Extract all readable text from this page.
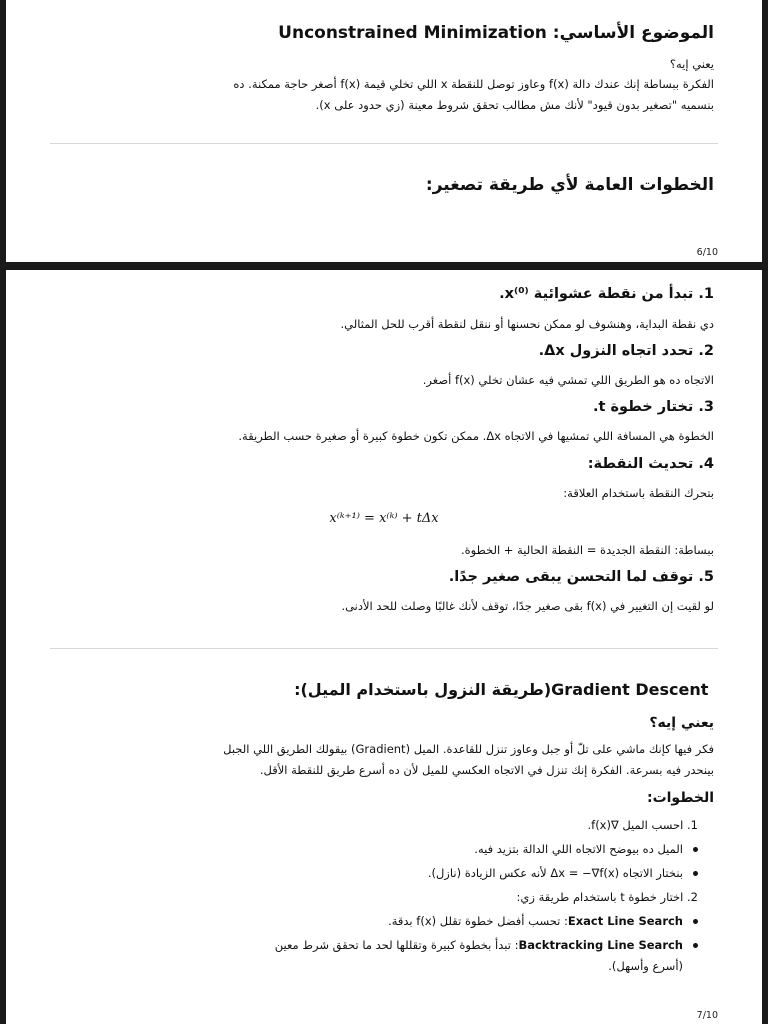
الموضوع الأساسي: Unconstrained Minimization
يعني إيه؟
الفكرة ببساطة إنك عندك دالة f(x) وعاوز توصل للنقطة x اللي تخلي قيمة f(x) أصغر حاجة ممكنة. ده
بنسميه "تصغير بدون قيود" لأنك مش مطالب تحقق شروط معينة (زي حدود على x).
الخطوات العامة لأي طريقة تصغير:
6/10
1. تبدأ من نقطة عشوائية x⁽⁰⁾.
دي نقطة البداية، وهنشوف لو ممكن نحسنها أو ننقل لنقطة أقرب للحل المثالي.
2. تحدد اتجاه النزول Δx.
الاتجاه ده هو الطريق اللي تمشي فيه عشان تخلي f(x) أصغر.
3. تختار خطوة t.
الخطوة هي المسافة اللي تمشيها في الاتجاه Δx. ممكن تكون خطوة كبيرة أو صغيرة حسب الطريقة.
4. تحديث النقطة:
بتحرك النقطة باستخدام العلاقة:
x⁽ᵏ⁺¹⁾ = x⁽ᵏ⁾ + tΔx
ببساطة: النقطة الجديدة = النقطة الحالية + الخطوة.
5. توقف لما التحسن يبقى صغير جدًا.
لو لقيت إن التغيير في f(x) بقى صغير جدًا، توقف لأنك غالبًا وصلت للحد الأدنى.
Gradient Descent (طريقة النزول باستخدام الميل):
يعني إيه؟
فكر فيها كإنك ماشي على تلّ أو جبل وعاوز تنزل للقاعدة. الميل (Gradient) بيقولك الطريق اللي الجبل
بينحدر فيه بسرعة. الفكرة إنك تنزل في الاتجاه العكسي للميل لأن ده أسرع طريق للنقطة الأقل.
الخطوات:
1. احسب الميل ∇f(x).
الميل ده بيوضح الاتجاه اللي الدالة بتزيد فيه.
بنختار الاتجاه Δx = −∇f(x) لأنه عكس الزيادة (نازل).
2. اختار خطوة t باستخدام طريقة زي:
Exact Line Search: تحسب أفضل خطوة تقلل f(x) بدقة.
Backtracking Line Search: تبدأ بخطوة كبيرة وتقللها لحد ما تحقق شرط معين
(أسرع وأسهل).
7/10
